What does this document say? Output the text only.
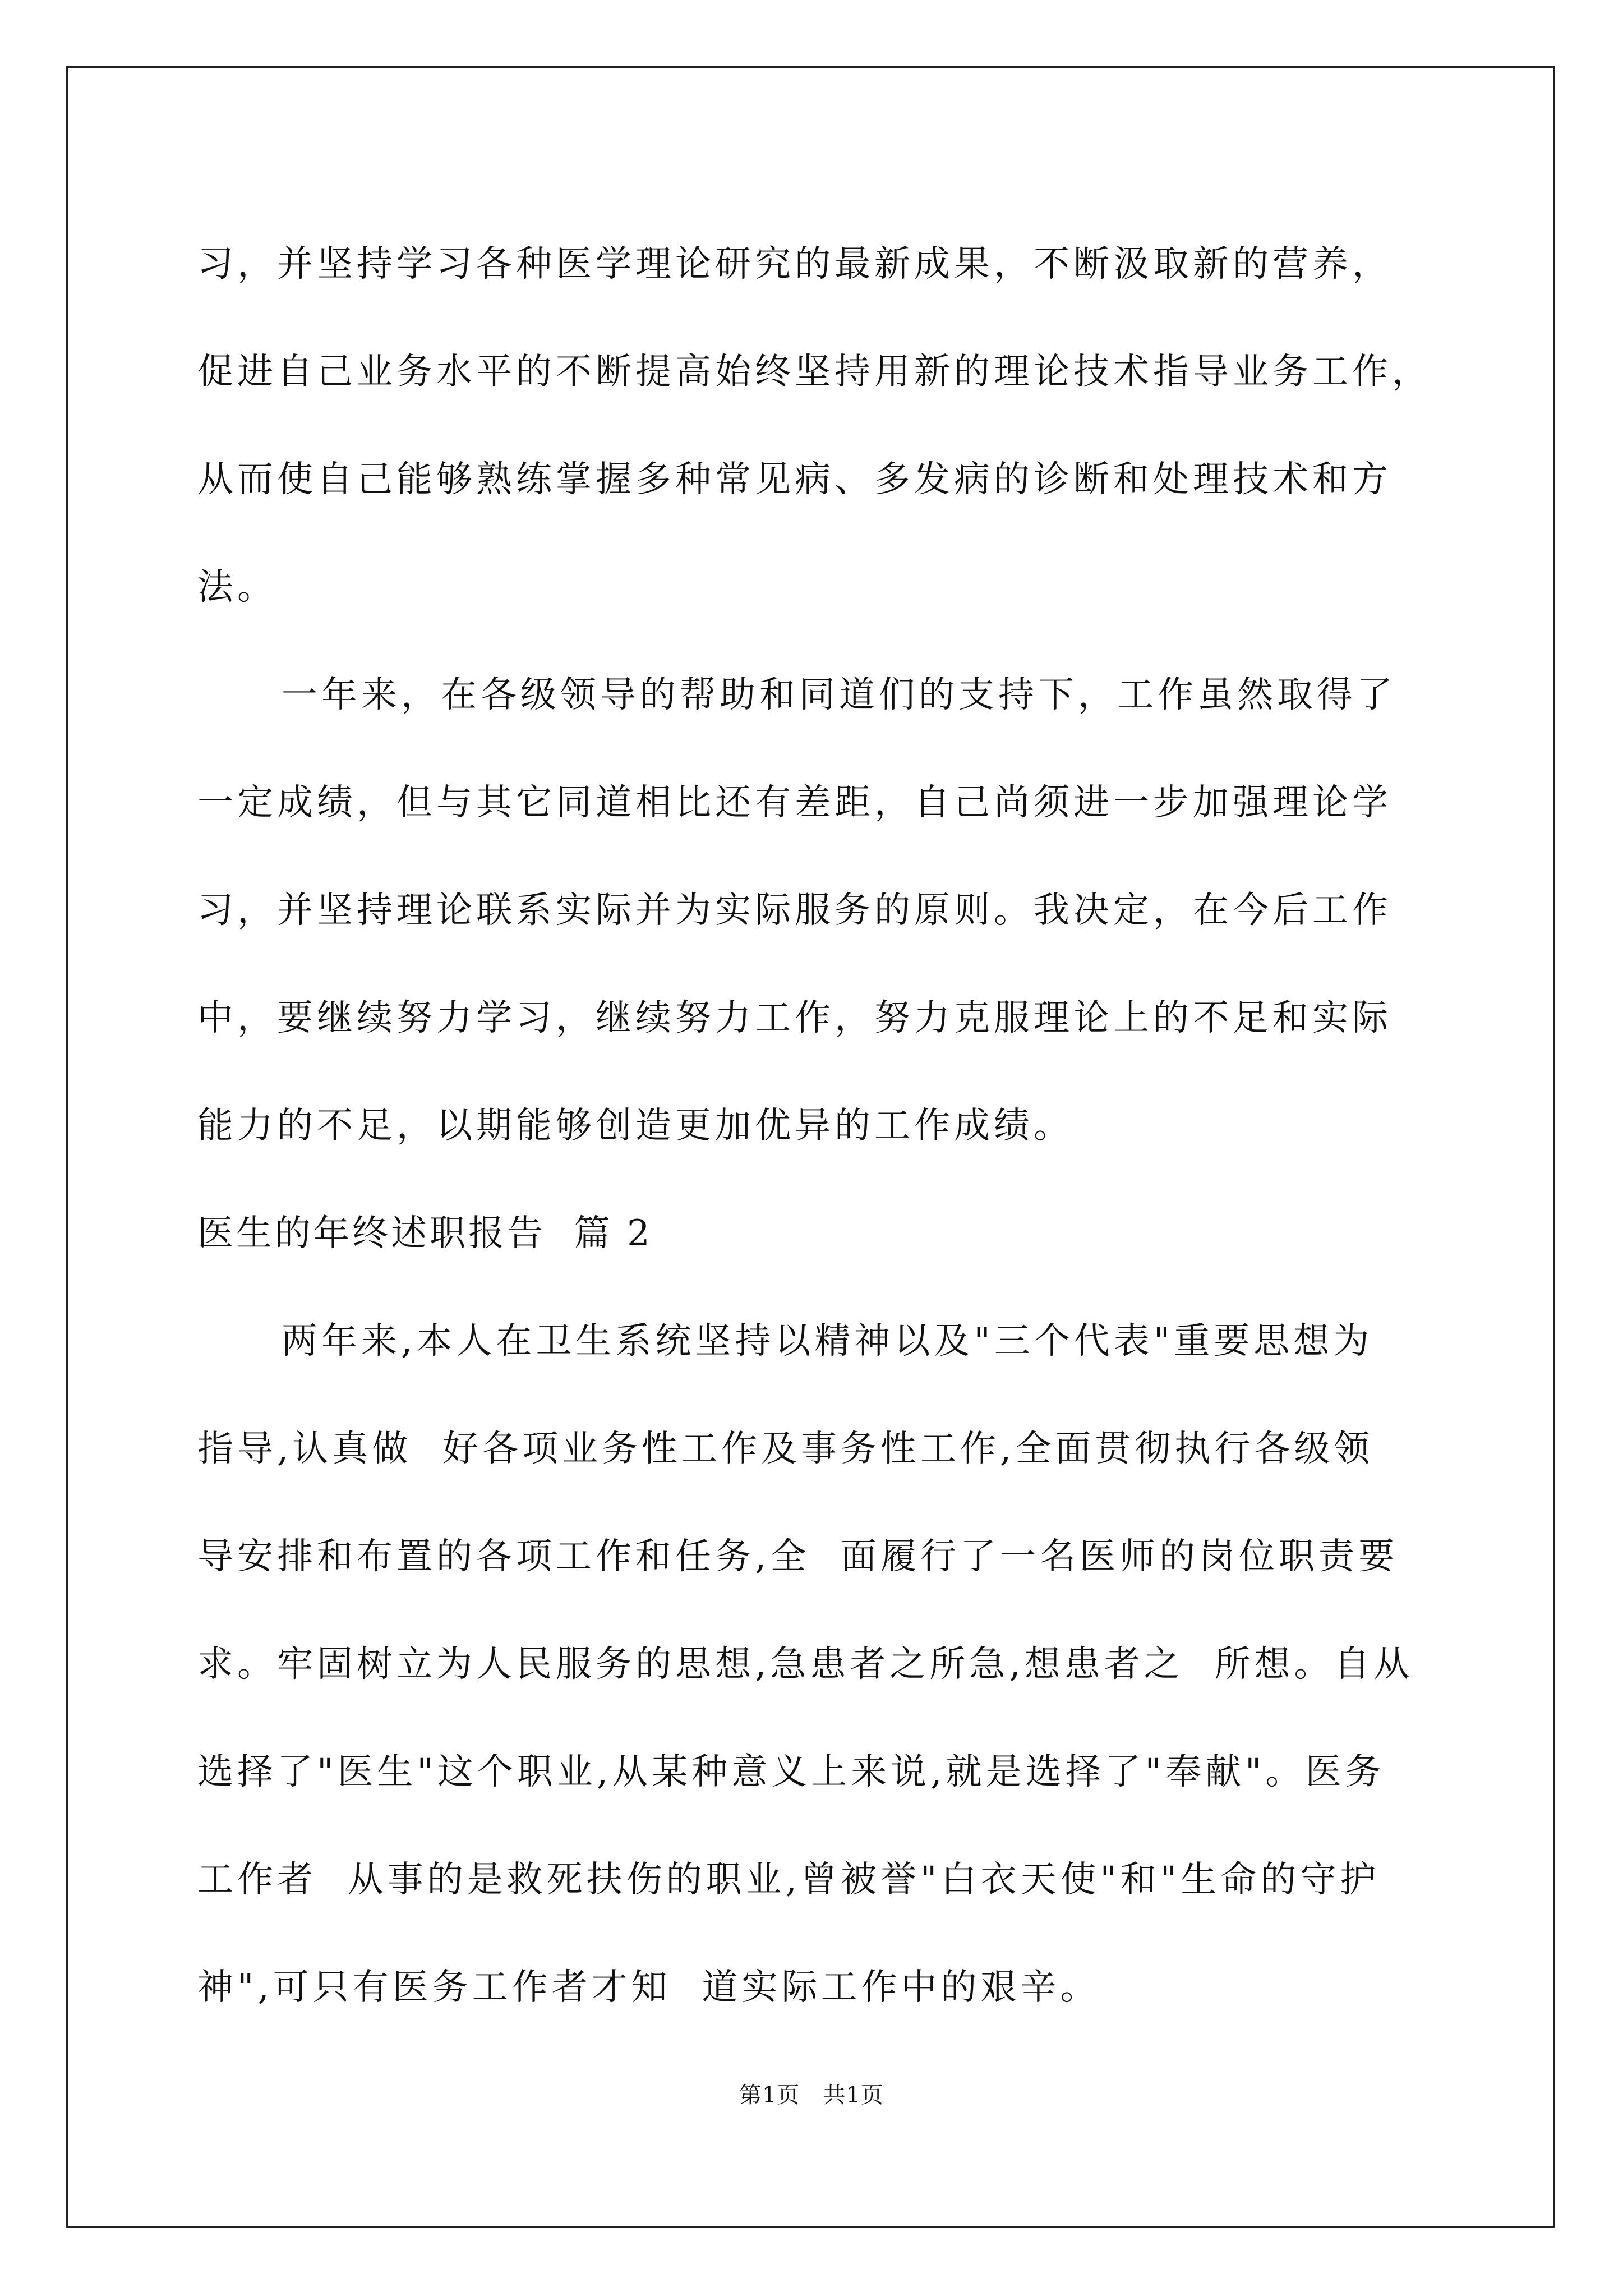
习，并坚持学习各种医学理论研究的最新成果，不断汲取新的营养，
促进自己业务水平的不断提高始终坚持用新的理论技术指导业务工作，
从而使自己能够熟练掌握多种常见病、多发病的诊断和处理技术和方
法。
一年来，在各级领导的帮助和同道们的支持下，工作虽然取得了
一定成绩，但与其它同道相比还有差距，自己尚须进一步加强理论学
习，并坚持理论联系实际并为实际服务的原则。我决定，在今后工作
中，要继续努力学习，继续努力工作，努力克服理论上的不足和实际
能力的不足，以期能够创造更加优异的工作成绩。
医生的年终述职报告  篇 2
两年来,本人在卫生系统坚持以精神以及"三个代表"重要思想为
指导,认真做  好各项业务性工作及事务性工作,全面贯彻执行各级领
导安排和布置的各项工作和任务,全  面履行了一名医师的岗位职责要
求。牢固树立为人民服务的思想,急患者之所急,想患者之  所想。自从
选择了"医生"这个职业,从某种意义上来说,就是选择了"奉献"。医务
工作者  从事的是救死扶伤的职业,曾被誉"白衣天使"和"生命的守护
神",可只有医务工作者才知  道实际工作中的艰辛。
第1页   共1页
